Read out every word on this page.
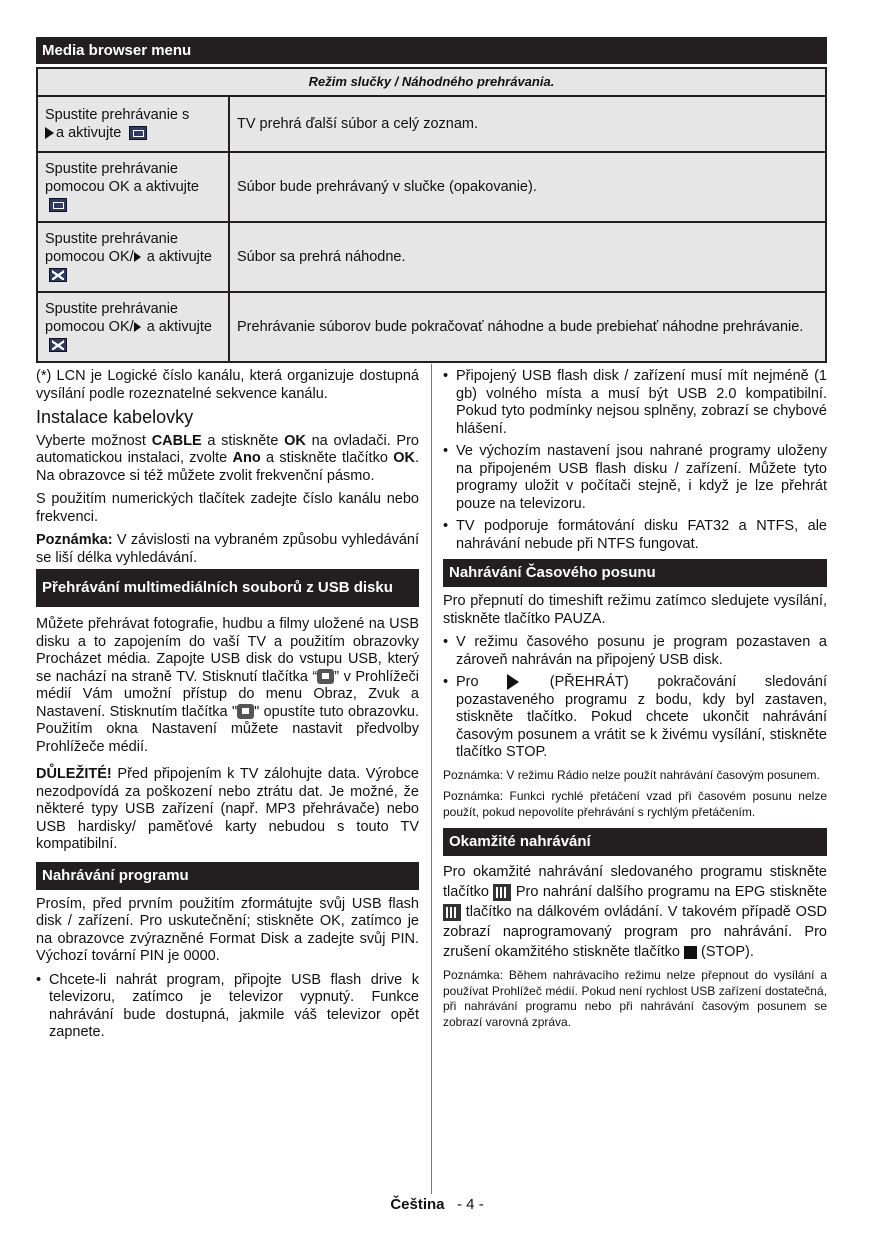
Media browser menu
Režim slučky / Náhodného prehrávania.	
Spustite prehrávanie s
a aktivujte	TV prehrá ďalší súbor a celý zoznam.
Spustite prehrávanie pomocou OK a aktivujte	Súbor bude prehrávaný v slučke (opakovanie).
Spustite prehrávanie pomocou OK/ a aktivujte	Súbor sa prehrá náhodne.
Spustite prehrávanie pomocou OK/ a aktivujte	Prehrávanie súborov bude pokračovať náhodne a bude prebiehať náhodne prehrávanie.

(*) LCN je Logické číslo kanálu, která organizuje dostupná vysílání podle rozeznatelné sekvence kanálu.

Instalace kabelovky

Vyberte možnost CABLE a stiskněte OK na ovladači. Pro automatickou instalaci, zvolte Ano a stiskněte tlačítko OK. Na obrazovce si též můžete zvolit frekvenční pásmo.

S použitím numerických tlačítek zadejte číslo kanálu nebo frekvenci.

Poznámka: V závislosti na vybraném způsobu vyhledávání se liší délka vyhledávání.

Přehrávání multimediálních souborů z USB disku

Můžete přehrávat fotografie, hudbu a filmy uložené na USB disku a to zapojením do vaší TV a použitím obrazovky Procházet média. Zapojte USB disk do vstupu USB, který se nachází na straně TV. Stisknutí tlačítka “ ” v Prohlížeči médií Vám umožní přístup do menu Obraz, Zvuk a Nastavení. Stisknutím tlačítka " " opustíte tuto obrazovku. Použitím okna Nastavení můžete nastavit předvolby Prohlížeče médií.

DŮLEŽITÉ! Před připojením k TV zálohujte data. Výrobce nezodpovídá za poškození nebo ztrátu dat. Je možné, že některé typy USB zařízení (např. MP3 přehrávače) nebo USB hardisky/ paměťové karty nebudou s touto TV kompatibilní.

Nahrávání programu

Prosím, před prvním použitím zformátujte svůj USB flash disk / zařízení. Pro uskutečnění; stiskněte OK, zatímco je na obrazovce zvýrazněné Format Disk a zadejte svůj PIN. Výchozí tovární PIN je 0000.

• Chcete-li nahrát program, připojte USB flash drive k televizoru, zatímco je televizor vypnutý. Funkce nahrávání bude dostupná, jakmile váš televizor opět zapnete.
• Připojený USB flash disk / zařízení musí mít nejméně (1 gb) volného místa a musí být USB 2.0 kompatibilní. Pokud tyto podmínky nejsou splněny, zobrazí se chybové hlášení.
• Ve výchozím nastavení jsou nahrané programy uloženy na připojeném USB flash disku / zařízení. Můžete tyto programy uložit v počítači stejně, i když je lze přehrát pouze na televizoru.
• TV podporuje formátování disku FAT32 a NTFS, ale nahrávání nebude při NTFS fungovat.
Nahrávání Časového posunu

Pro přepnutí do timeshift režimu zatímco sledujete vysílání, stiskněte tlačítko PAUZA.

• V režimu časového posunu je program pozastaven a zároveň nahráván na připojený USB disk.
• Pro  (PŘEHRÁT) pokračování sledování pozastaveného programu z bodu, kdy byl zastaven, stiskněte tlačítko. Pokud chcete ukončit nahrávání časovým posunem a vrátit se k živému vysílání, stiskněte tlačítko STOP.

Poznámka: V režimu Rádio nelze použít nahrávání časovým posunem.

Poznámka: Funkci rychlé přetáčení vzad při časovém posunu nelze použít, pokud nepovolíte přehrávání s rychlým přetáčením.

Okamžité nahrávání

Pro okamžité nahrávání sledovaného programu stiskněte tlačítko  Pro nahrání dalšího programu na EPG stiskněte  tlačítko na dálkovém ovládání. V takovém případě OSD zobrazí naprogramovaný program pro nahrávání. Pro zrušení okamžitého stiskněte tlačítko  (STOP).

Poznámka: Během nahrávacího režimu nelze přepnout do vysílání a používat Prohlížeč médií. Pokud není rychlost USB zařízení dostatečná, při nahrávání programu nebo při nahrávání časovým posunem se zobrazí varovná zpráva.

Čeština - 4 -
